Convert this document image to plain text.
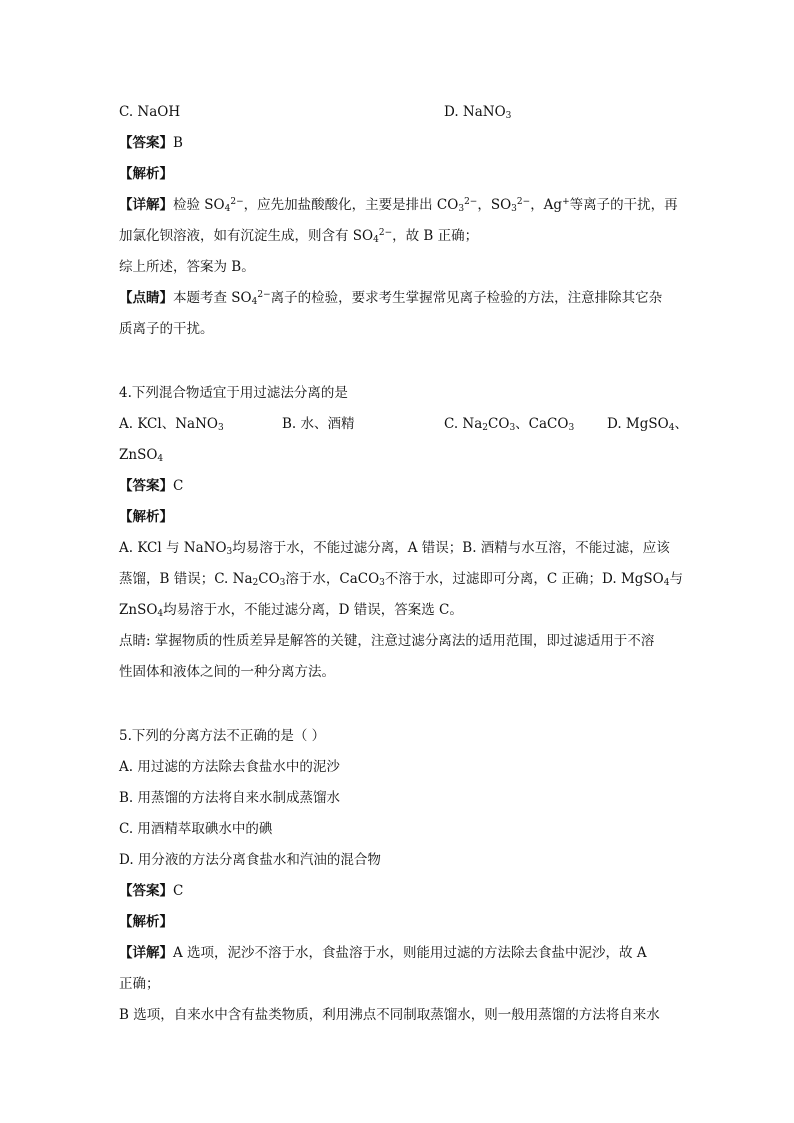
C. NaOH	D. NaNO$_3$
【答案】B
【解析】
【详解】检验 $SO_4^{2-}$，应先加盐酸酸化，主要是排出 $CO_3^{2-}$，$SO_3^{2-}$，Ag+等离子的干扰，再
加氯化钡溶液，如有沉淀生成，则含有 $SO_4^{2-}$，故 B 正确；
综上所述，答案为 B。
【点睛】本题考查 $SO_4^{2-}$离子的检验，要求考生掌握常见离子检验的方法，注意排除其它杂
质离子的干扰。
4.下列混合物适宜于用过滤法分离的是
A. KCl、NaNO$_3$	B. 水、酒精	C. $Na_2CO_3$、CaCO$_3$ D. MgSO$_4$、
ZnSO$_4$
【答案】C
【解析】
A. KCl 与 NaNO$_3$均易溶于水，不能过滤分离，A 错误；B. 酒精与水互溶，不能过滤，应该
蒸馏，B 错误；C. $Na_2CO_3$溶于水，CaCO$_3$不溶于水，过滤即可分离，C 正确；D. MgSO$_4$与
ZnSO$_4$均易溶于水，不能过滤分离，D 错误，答案选 C。
点睛: 掌握物质的性质差异是解答的关键，注意过滤分离法的适用范围，即过滤适用于不溶
性固体和液体之间的一种分离方法。
5.下列的分离方法不正确的是（ ）
A. 用过滤的方法除去食盐水中的泥沙
B. 用蒸馏的方法将自来水制成蒸馏水
C. 用酒精萃取碘水中的碘
D. 用分液的方法分离食盐水和汽油的混合物
【答案】C
【解析】
【详解】A 选项，泥沙不溶于水，食盐溶于水，则能用过滤的方法除去食盐中泥沙，故 A
正确；
B 选项，自来水中含有盐类物质，利用沸点不同制取蒸馏水，则一般用蒸馏的方法将自来水
